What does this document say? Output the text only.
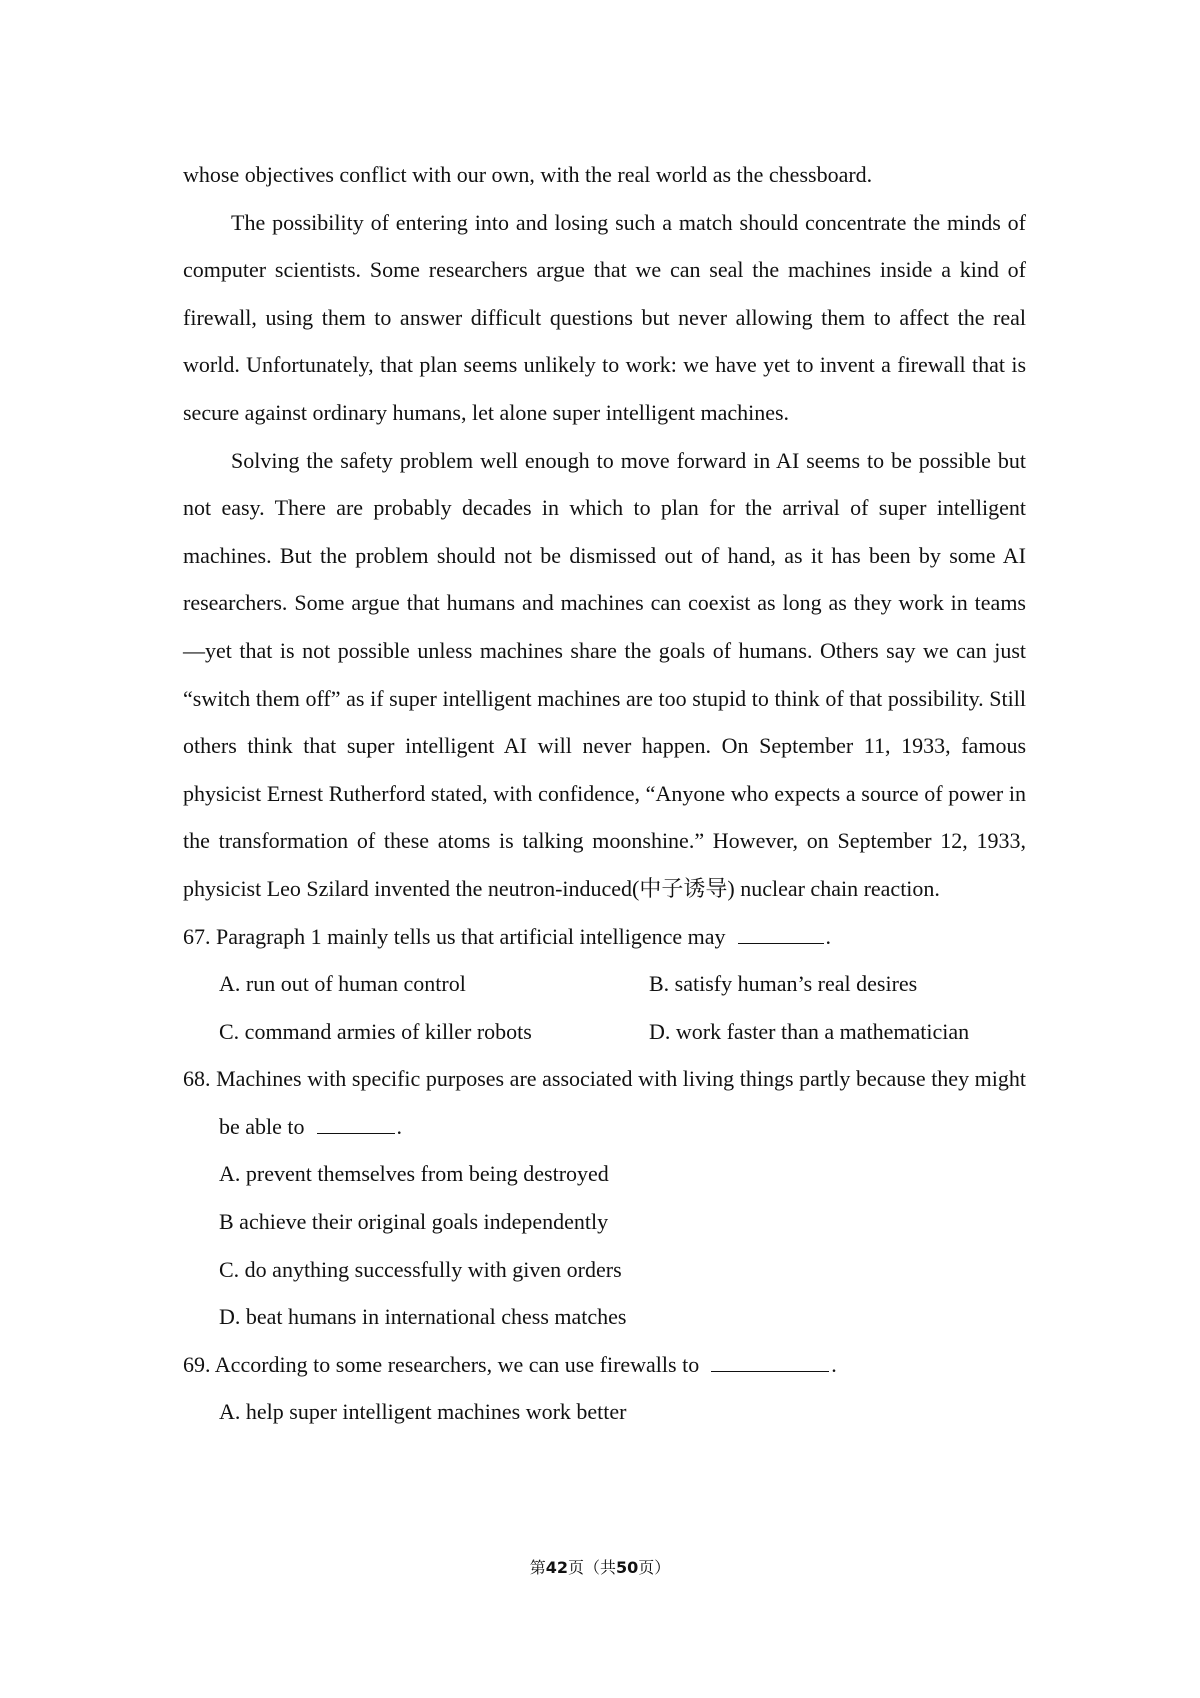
whose objectives conflict with our own, with the real world as the chessboard.

The possibility of entering into and losing such a match should concentrate the minds of computer scientists. Some researchers argue that we can seal the machines inside a kind of firewall, using them to answer difficult questions but never allowing them to affect the real world. Unfortunately, that plan seems unlikely to work: we have yet to invent a firewall that is secure against ordinary humans, let alone super intelligent machines.

Solving the safety problem well enough to move forward in AI seems to be possible but not easy. There are probably decades in which to plan for the arrival of super intelligent machines. But the problem should not be dismissed out of hand, as it has been by some AI researchers. Some argue that humans and machines can coexist as long as they work in teams—yet that is not possible unless machines share the goals of humans. Others say we can just “switch them off” as if super intelligent machines are too stupid to think of that possibility. Still others think that super intelligent AI will never happen. On September 11, 1933, famous physicist Ernest Rutherford stated, with confidence, “Anyone who expects a source of power in the transformation of these atoms is talking moonshine.” However, on September 12, 1933, physicist Leo Szilard invented the neutron-induced(中子诱导) nuclear chain reaction.

67. Paragraph 1 mainly tells us that artificial intelligence may	.

A. run out of human control	B. satisfy human’s real desires
C. command armies of killer robots	D. work faster than a mathematician

68. Machines with specific purposes are associated with living things partly because they might be able to	.

A. prevent themselves from being destroyed

B achieve their original goals independently

C. do anything successfully with given orders

D. beat humans in international chess matches

69. According to some researchers, we can use firewalls to	.

A. help super intelligent machines work better

第42页（共50页）
